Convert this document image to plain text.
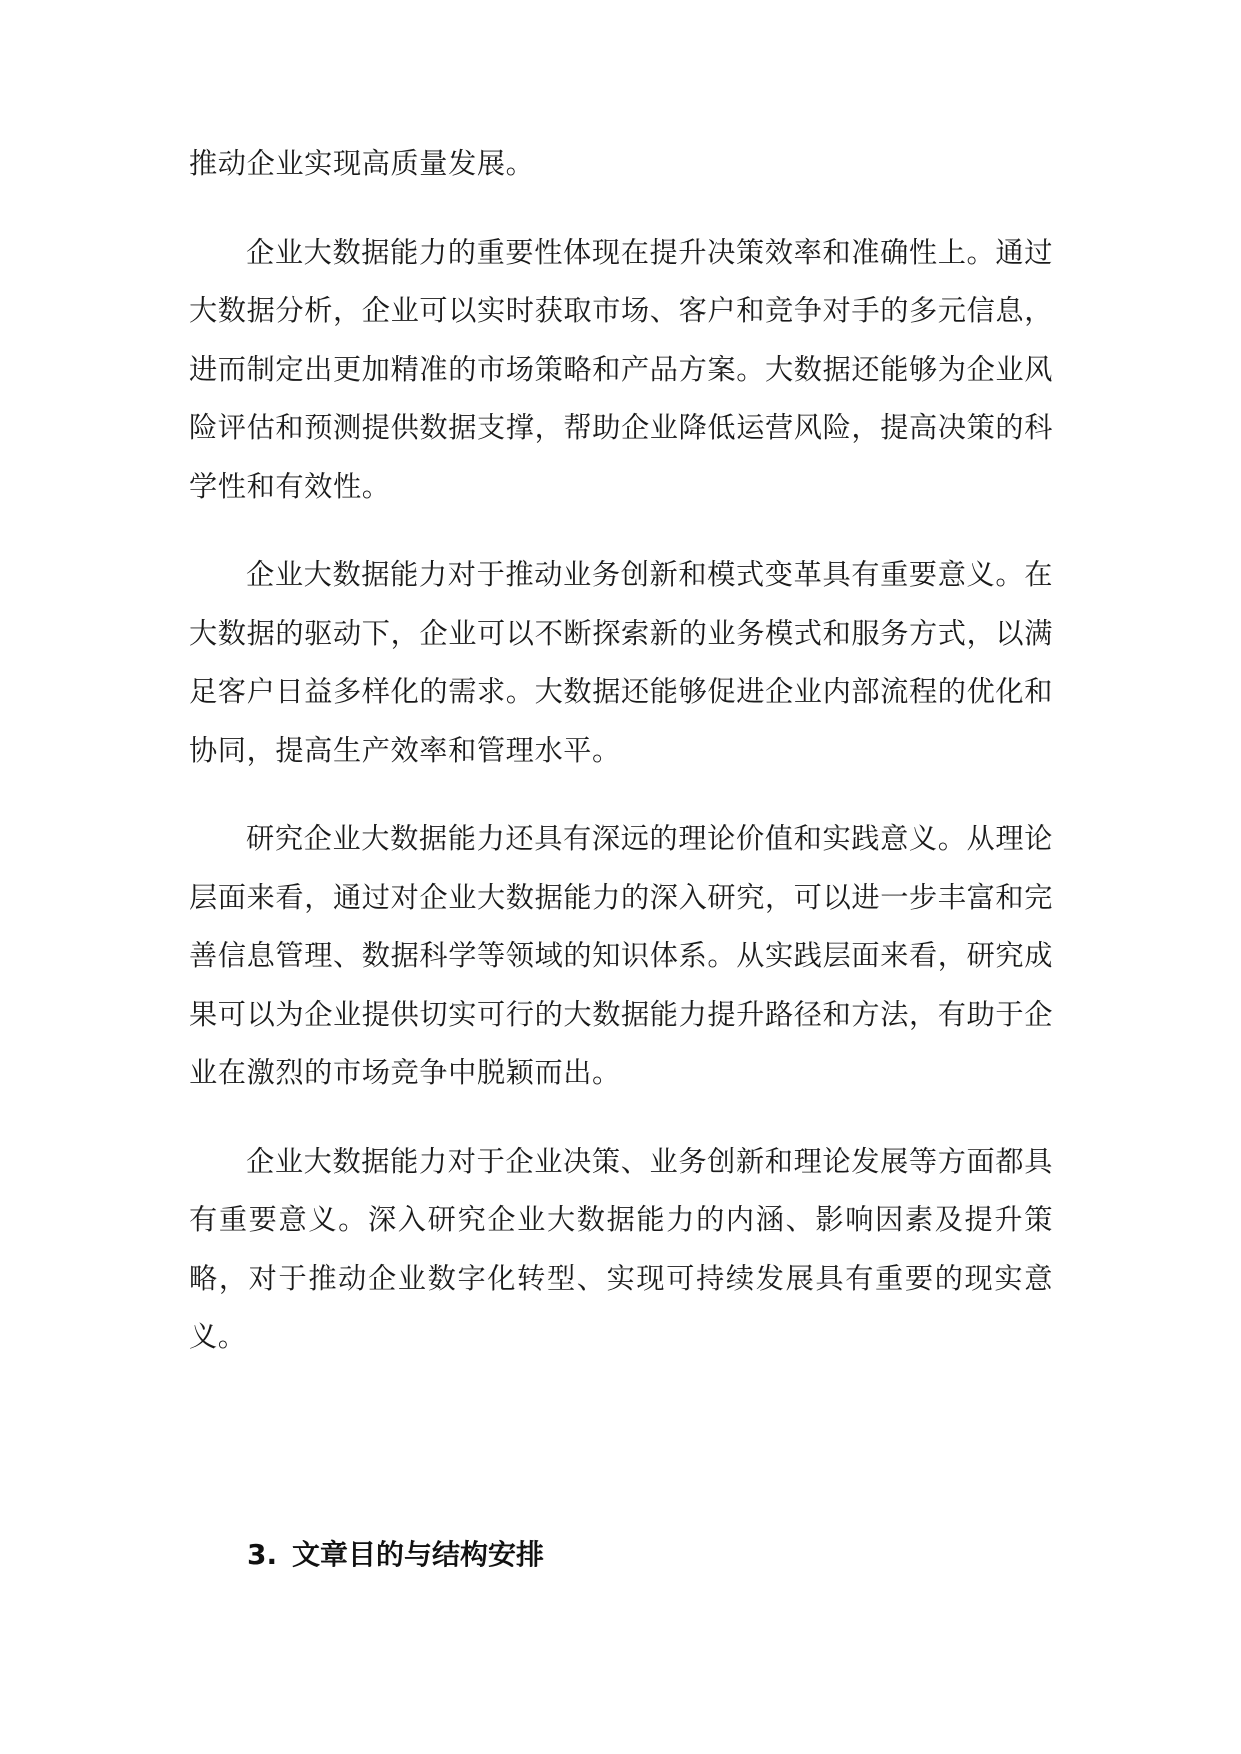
推动企业实现高质量发展。

企业大数据能力的重要性体现在提升决策效率和准确性上。通过大数据分析，企业可以实时获取市场、客户和竞争对手的多元信息，进而制定出更加精准的市场策略和产品方案。大数据还能够为企业风险评估和预测提供数据支撑，帮助企业降低运营风险，提高决策的科学性和有效性。

企业大数据能力对于推动业务创新和模式变革具有重要意义。在大数据的驱动下，企业可以不断探索新的业务模式和服务方式，以满足客户日益多样化的需求。大数据还能够促进企业内部流程的优化和协同，提高生产效率和管理水平。

研究企业大数据能力还具有深远的理论价值和实践意义。从理论层面来看，通过对企业大数据能力的深入研究，可以进一步丰富和完善信息管理、数据科学等领域的知识体系。从实践层面来看，研究成果可以为企业提供切实可行的大数据能力提升路径和方法，有助于企业在激烈的市场竞争中脱颖而出。

企业大数据能力对于企业决策、业务创新和理论发展等方面都具有重要意义。深入研究企业大数据能力的内涵、影响因素及提升策略，对于推动企业数字化转型、实现可持续发展具有重要的现实意义。

3. 文章目的与结构安排
